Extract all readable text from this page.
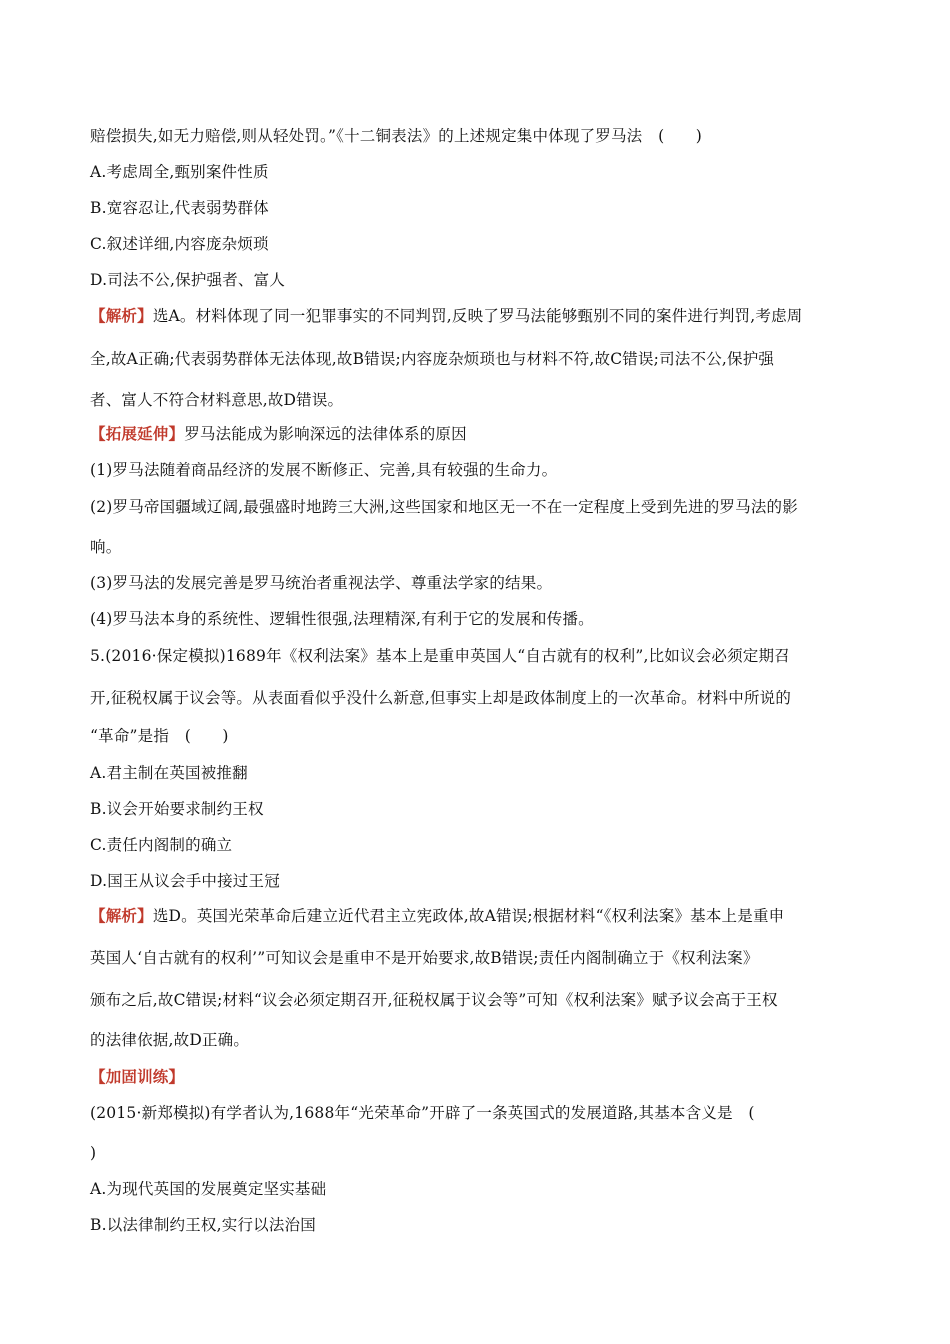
赔偿损失,如无力赔偿,则从轻处罚。”《十二铜表法》的上述规定集中体现了罗马法　(　　)

A.考虑周全,甄别案件性质

B.宽容忍让,代表弱势群体

C.叙述详细,内容庞杂烦琐

D.司法不公,保护强者、富人

【解析】选A。材料体现了同一犯罪事实的不同判罚,反映了罗马法能够甄别不同的案件进行判罚,考虑周

全,故A正确;代表弱势群体无法体现,故B错误;内容庞杂烦琐也与材料不符,故C错误;司法不公,保护强

者、富人不符合材料意思,故D错误。

【拓展延伸】罗马法能成为影响深远的法律体系的原因

(1)罗马法随着商品经济的发展不断修正、完善,具有较强的生命力。

(2)罗马帝国疆域辽阔,最强盛时地跨三大洲,这些国家和地区无一不在一定程度上受到先进的罗马法的影

响。

(3)罗马法的发展完善是罗马统治者重视法学、尊重法学家的结果。

(4)罗马法本身的系统性、逻辑性很强,法理精深,有利于它的发展和传播。

5.(2016·保定模拟)1689年《权利法案》基本上是重申英国人“自古就有的权利”,比如议会必须定期召

开,征税权属于议会等。从表面看似乎没什么新意,但事实上却是政体制度上的一次革命。材料中所说的

“革命”是指　(　　)

A.君主制在英国被推翻

B.议会开始要求制约王权

C.责任内阁制的确立

D.国王从议会手中接过王冠

【解析】选D。英国光荣革命后建立近代君主立宪政体,故A错误;根据材料“《权利法案》基本上是重申

英国人‘自古就有的权利’”可知议会是重申不是开始要求,故B错误;责任内阁制确立于《权利法案》

颁布之后,故C错误;材料“议会必须定期召开,征税权属于议会等”可知《权利法案》赋予议会高于王权

的法律依据,故D正确。

【加固训练】

(2015·新郑模拟)有学者认为,1688年“光荣革命”开辟了一条英国式的发展道路,其基本含义是　(

)

A.为现代英国的发展奠定坚实基础

B.以法律制约王权,实行以法治国
